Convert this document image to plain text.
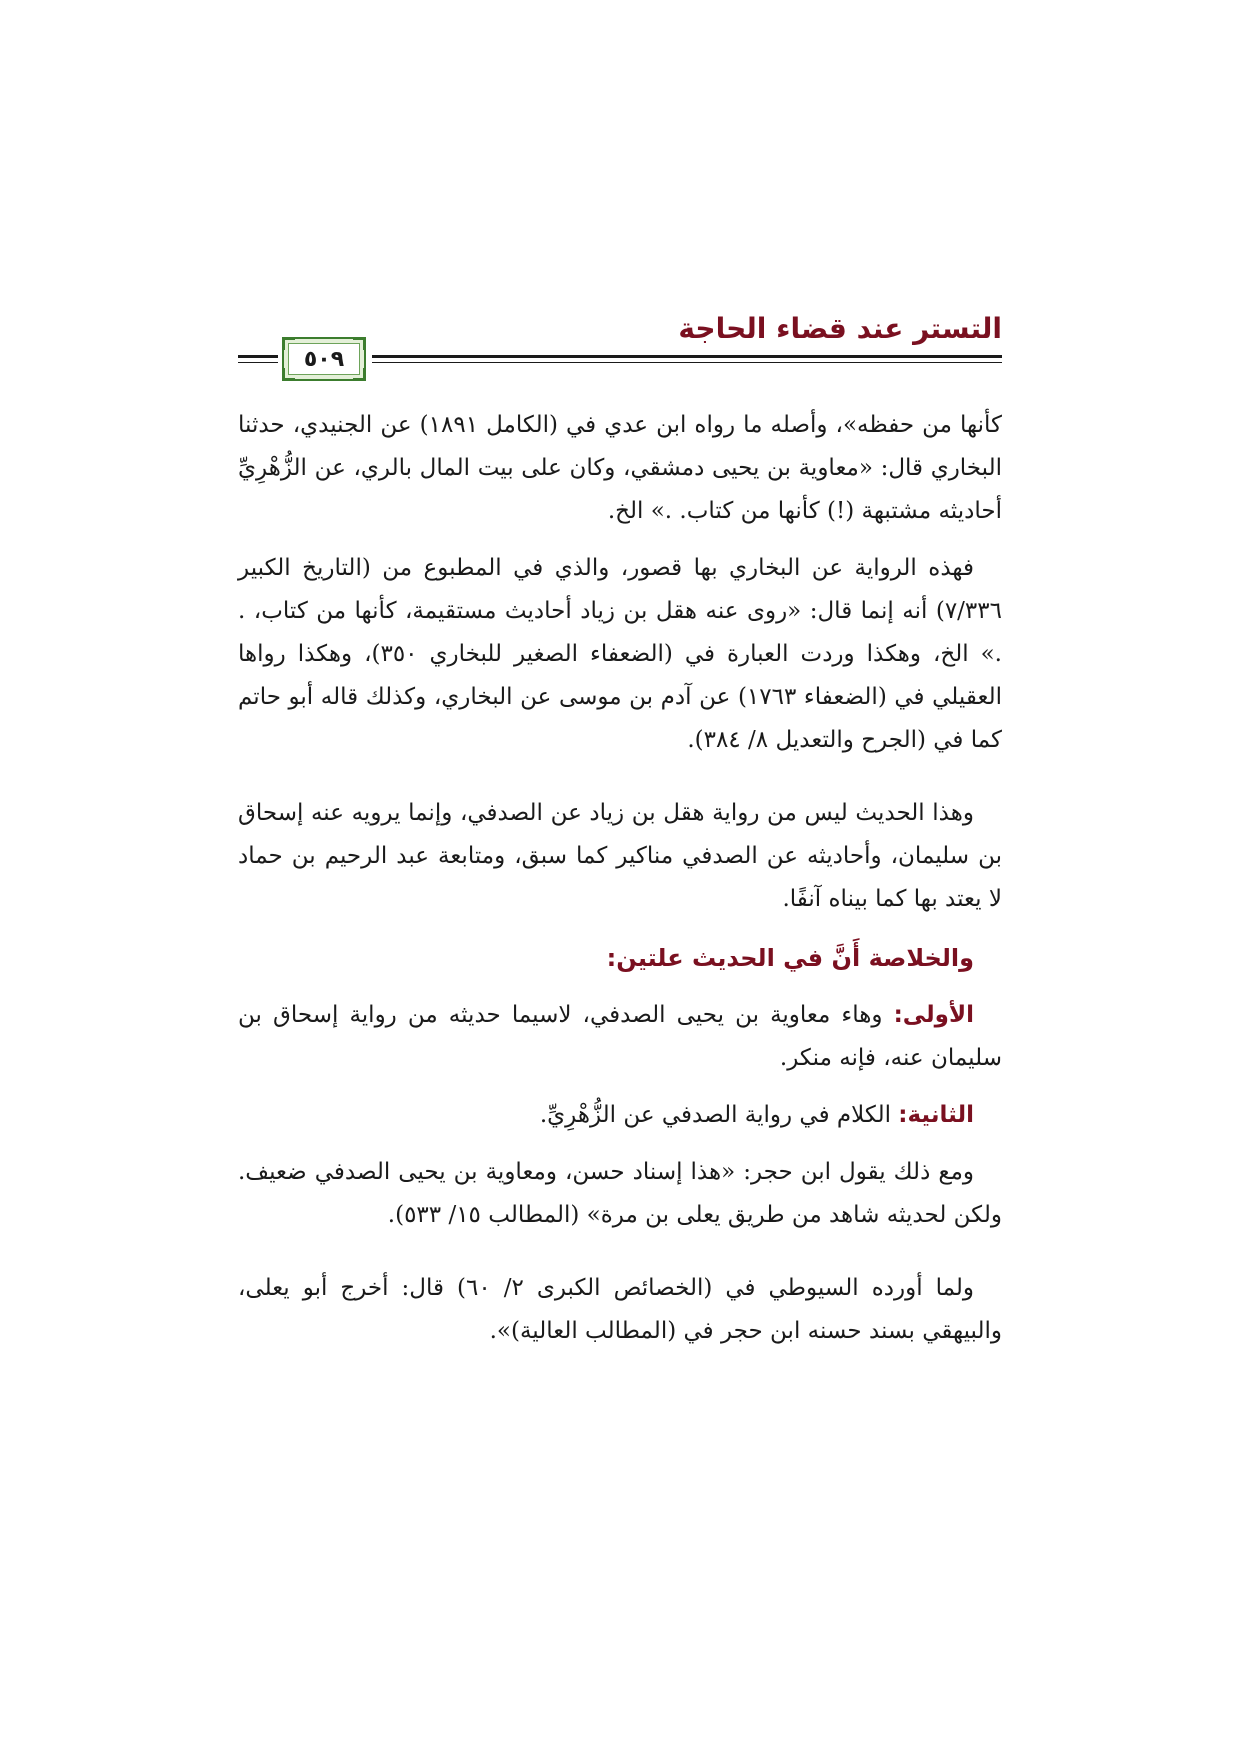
التستر عند قضاء الحاجة
٥٠٩

كأنها من حفظه»، وأصله ما رواه ابن عدي في (الكامل ١٨٩١) عن الجنيدي، حدثنا البخاري قال: «معاوية بن يحيى دمشقي، وكان على بيت المال بالري، عن الزُّهْرِيِّ أحاديثه مشتبهة (!) كأنها من كتاب. .» الخ.

فهذه الرواية عن البخاري بها قصور، والذي في المطبوع من (التاريخ الكبير ٧/٣٣٦) أنه إنما قال: «روى عنه هقل بن زياد أحاديث مستقيمة، كأنها من كتاب، . .» الخ، وهكذا وردت العبارة في (الضعفاء الصغير للبخاري ٣٥٠)، وهكذا رواها العقيلي في (الضعفاء ١٧٦٣) عن آدم بن موسى عن البخاري، وكذلك قاله أبو حاتم كما في (الجرح والتعديل ٨/ ٣٨٤).

وهذا الحديث ليس من رواية هقل بن زياد عن الصدفي، وإنما يرويه عنه إسحاق بن سليمان، وأحاديثه عن الصدفي مناكير كما سبق، ومتابعة عبد الرحيم بن حماد لا يعتد بها كما بيناه آنفًا.

والخلاصة أَنَّ في الحديث علتين:

الأولى: وهاء معاوية بن يحيى الصدفي، لاسيما حديثه من رواية إسحاق بن سليمان عنه، فإنه منكر.

الثانية: الكلام في رواية الصدفي عن الزُّهْرِيِّ.

ومع ذلك يقول ابن حجر: «هذا إسناد حسن، ومعاوية بن يحيى الصدفي ضعيف. ولكن لحديثه شاهد من طريق يعلى بن مرة» (المطالب ١٥/ ٥٣٣).

ولما أورده السيوطي في (الخصائص الكبرى ٢/ ٦٠) قال: أخرج أبو يعلى، والبيهقي بسند حسنه ابن حجر في (المطالب العالية)».
